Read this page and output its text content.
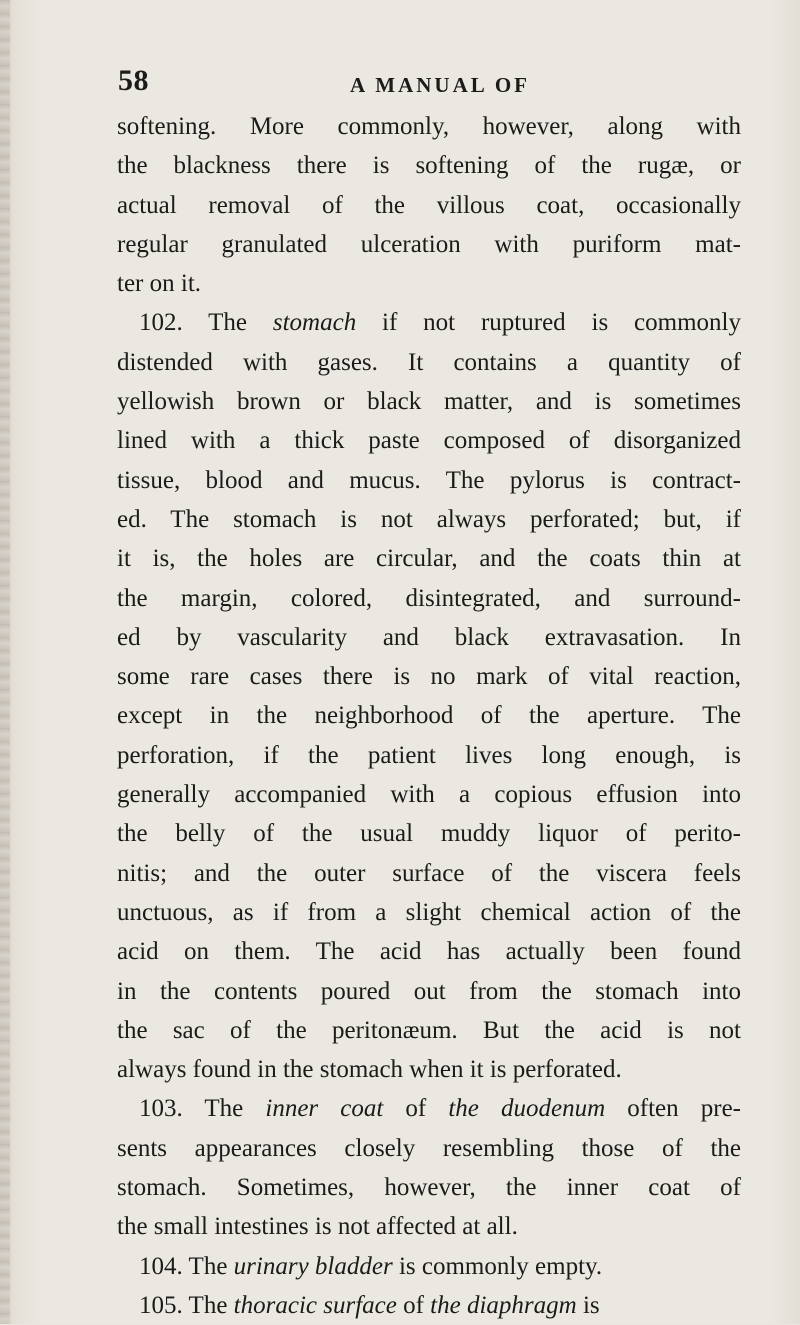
58	A MANUAL OF
softening. More commonly, however, along with
the blackness there is softening of the rugæ, or
actual removal of the villous coat, occasionally
regular granulated ulceration with puriform mat-
ter on it.
102. The stomach if not ruptured is commonly
distended with gases. It contains a quantity of
yellowish brown or black matter, and is sometimes
lined with a thick paste composed of disorganized
tissue, blood and mucus. The pylorus is contract-
ed. The stomach is not always perforated; but, if
it is, the holes are circular, and the coats thin at
the margin, colored, disintegrated, and surround-
ed by vascularity and black extravasation. In
some rare cases there is no mark of vital reaction,
except in the neighborhood of the aperture. The
perforation, if the patient lives long enough, is
generally accompanied with a copious effusion into
the belly of the usual muddy liquor of perito-
nitis; and the outer surface of the viscera feels
unctuous, as if from a slight chemical action of the
acid on them. The acid has actually been found
in the contents poured out from the stomach into
the sac of the peritonæum. But the acid is not
always found in the stomach when it is perforated.
103. The inner coat of the duodenum often pre-
sents appearances closely resembling those of the
stomach. Sometimes, however, the inner coat of
the small intestines is not affected at all.
104. The urinary bladder is commonly empty.
105. The thoracic surface of the diaphragm is
